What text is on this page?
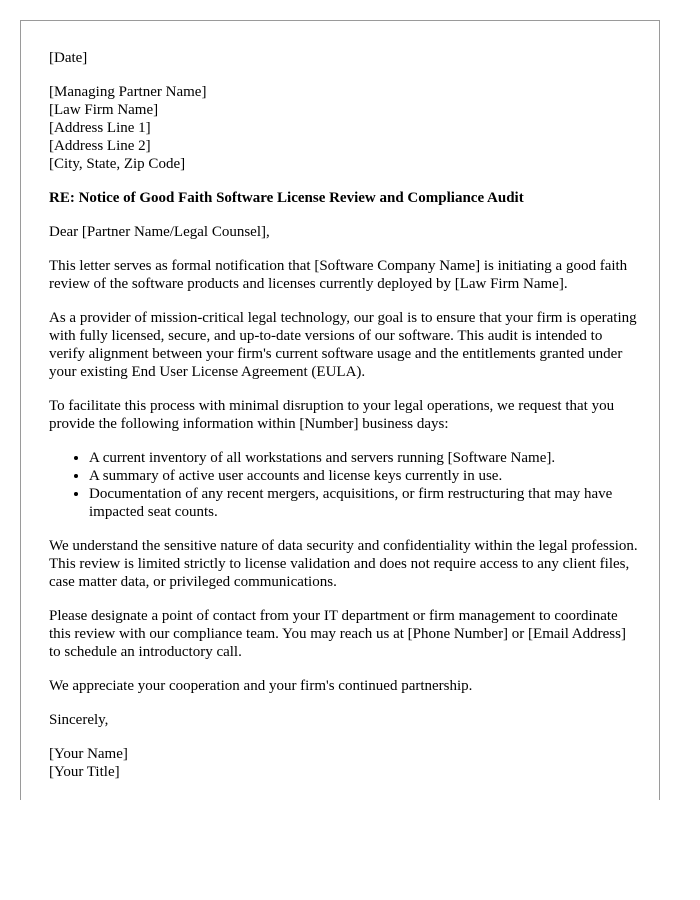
[Date]
[Managing Partner Name]
[Law Firm Name]
[Address Line 1]
[Address Line 2]
[City, State, Zip Code]
RE: Notice of Good Faith Software License Review and Compliance Audit
Dear [Partner Name/Legal Counsel],
This letter serves as formal notification that [Software Company Name] is initiating a good faith review of the software products and licenses currently deployed by [Law Firm Name].
As a provider of mission-critical legal technology, our goal is to ensure that your firm is operating with fully licensed, secure, and up-to-date versions of our software. This audit is intended to verify alignment between your firm's current software usage and the entitlements granted under your existing End User License Agreement (EULA).
To facilitate this process with minimal disruption to your legal operations, we request that you provide the following information within [Number] business days:
• A current inventory of all workstations and servers running [Software Name].
• A summary of active user accounts and license keys currently in use.
• Documentation of any recent mergers, acquisitions, or firm restructuring that may have impacted seat counts.
We understand the sensitive nature of data security and confidentiality within the legal profession. This review is limited strictly to license validation and does not require access to any client files, case matter data, or privileged communications.
Please designate a point of contact from your IT department or firm management to coordinate this review with our compliance team. You may reach us at [Phone Number] or [Email Address] to schedule an introductory call.
We appreciate your cooperation and your firm's continued partnership.
Sincerely,
[Your Name]
[Your Title]
